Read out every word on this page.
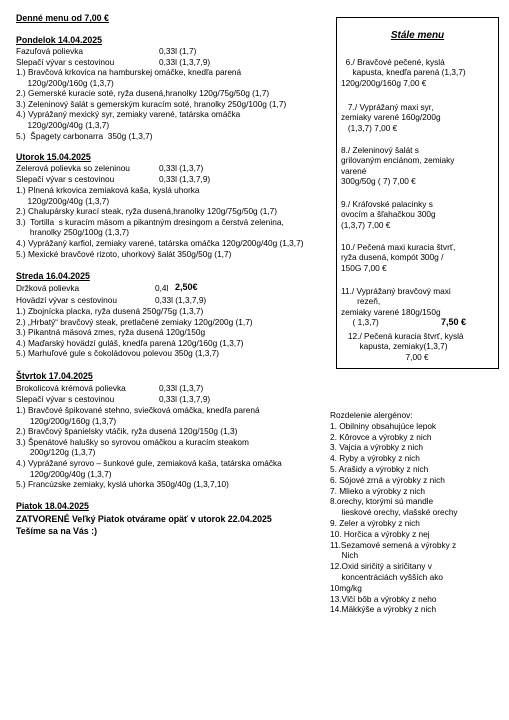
Denné menu od 7,00 €
Pondelok 14.04.2025
Fazuľová polievka	0,33l (1,7)
Slepačí vývar s cestovinou	0,33l (1,3,7,9)
1.) Bravčová krkovica na hamburskej omáčke, knedľa parená
120g/200g/160g (1,3,7)
2.) Gemerské kuracie soté, ryža dusená,hranolky 120g/75g/50g (1,7)
3.) Zeleninový šalát s gemerským kuracím soté, hranolky 250g/100g (1,7)
4.) Vyprážaný mexický syr, zemiaky varené, tatárska omáčka
120g/200g/40g (1,3,7)
5.)  Špagety carbonarra  350g (1,3,7)
Utorok 15.04.2025
Zelerová polievka so zeleninou	0,33l (1,3,7)
Slepačí vývar s cestovinou	0,33l (1,3,7,9)
1.) Plnená krkovica zemiaková kaša, kyslá uhorka
120g/200g/40g (1,3,7)
2.) Chalupársky kurací steak, ryža dusená,hranolky 120g/75g/50g (1,7)
3.)  Tortilla  s kuracím mäsom a pikantným dresingom a čerstvá zelenina,
hranolky 250g/100g (1,3,7)
4.) Vyprážaný karfiol, zemiaky varené, tatárska omáčka 120g/200g/40g (1,3,7)
5.) Mexické bravčové rizoto, uhorkový šalát 350g/50g (1,7)
Streda 16.04.2025
Držková polievka	0,4l 2,50€
Hovädzí vývar s cestovinou	0,33l (1,3,7,9)
1.) Zbojnícka placka, ryža dusená 250g/75g (1,3,7)
2.) „Hrbatý“ bravčový steak, pretlačené zemiaky 120g/200g (1,7)
3.) Pikantná mäsová zmes, ryža dusená 120g/150g
4.) Maďarský hovädzí guláš, knedľa parená 120g/160g (1,3,7)
5.) Marhuľové gule s čokoládovou polevou 350g (1,3,7)
Štvrtok 17.04.2025
Brokolicová krémová polievka	0,33l (1,3,7)
Slepačí vývar s cestovinou	0,33l (1,3,7,9)
1.) Bravčové špikované stehno, sviečková omáčka, knedľa parená
120g/200g/160g (1,3,7)
2.) Bravčový španielsky vtáčik, ryža dusená 120g/150g (1,3)
3.) Špenátové halušky so syrovou omáčkou a kuracím steakom
200g/120g (1,3,7)
4.) Vyprážané syrovo – šunkové gule, zemiaková kaša, tatárska omáčka
120g/200g/40g (1,3,7)
5.) Francúzske zemiaky, kyslá uhorka 350g/40g (1,3,7,10)
Piatok 18.04.2025
ZATVORENÉ Veľký Piatok otvárame opäť v utorok 22.04.2025
Tešíme sa na Vás :)
Stále menu
6./ Bravčové pečené, kyslá
kapusta, knedľa parená (1,3,7)
120g/200g/160g 7,00 €
7./ Vyprážaný maxi syr,
zemiaky varené 160g/200g
(1,3,7) 7,00 €
8./ Zeleninový šalát s
grilovaným enciánom, zemiaky
varené
300g/50g ( 7) 7,00 €
9./ Kráľovské palacinky s
ovocím a šľahačkou 300g
(1,3,7) 7,00 €
10./ Pečená maxi kuracia štvrť,
ryža dusená, kompót 300g /
150G 7,00 €
11./ Vyprážaný bravčový maxi
rezeň,
zemiaky varené 180g/150g
( 1,3,7)	7,50 €
12./ Pečená kuracia štvrť, kyslá
kapusta, zemiaky(1,3,7)
7,00 €
Rozdelenie alergénov:
1. Obilniny obsahujúce lepok
2. Kôrovce a výrobky z nich
3. Vajcia a výrobky z nich
4. Ryby a výrobky z nich
5. Arašidy a výrobky z nich
6. Sójové zrná a výrobky z nich
7. Mlieko a výrobky z nich
8.orechy, ktorými sú mandle
lieskové orechy, vlašské orechy
9. Zeler a výrobky z nich
10. Horčica a výrobky z nej
11.Sezamové semená a výrobky z
Nich
12.Oxid siričitý a siričitany v
koncentráciách vyšších ako
10mg/kg
13.Vlčí bôb a výrobky z neho
14.Mäkkýše a výrobky z nich
